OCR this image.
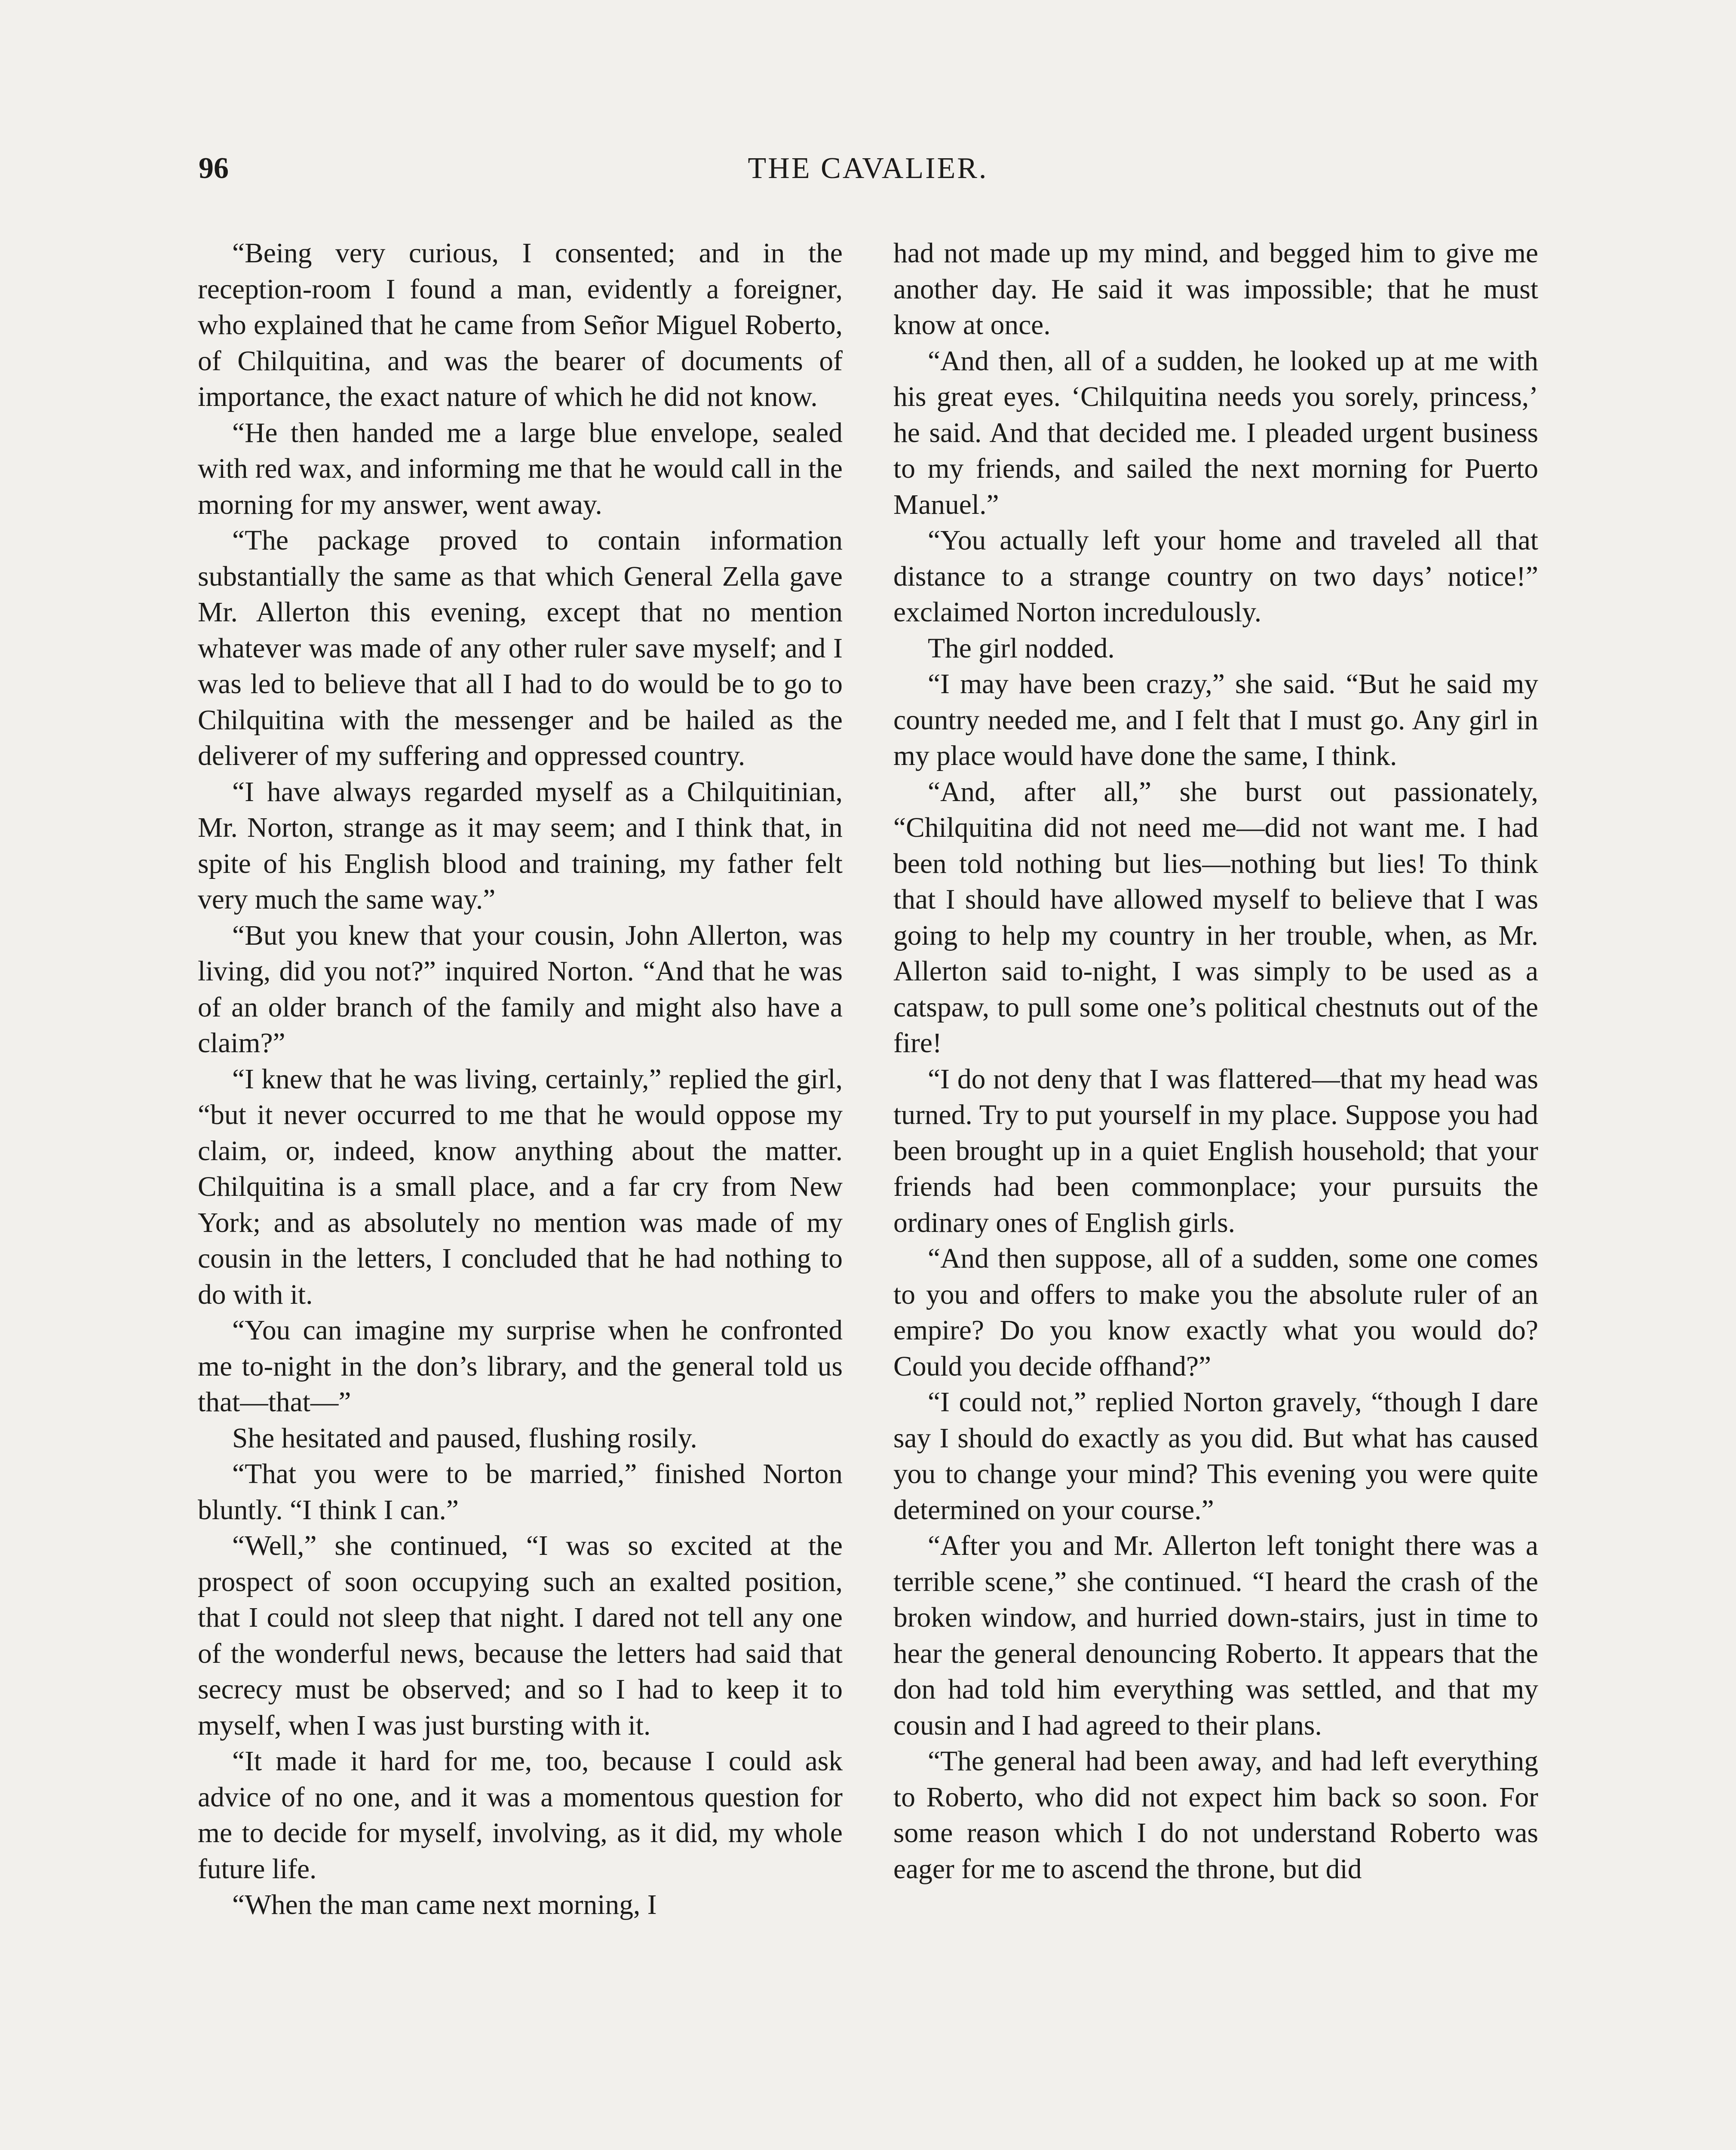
96	THE CAVALIER.

“Being very curious, I consented; and in the reception-room I found a man, evidently a foreigner, who explained that he came from Señor Miguel Roberto, of Chilquitina, and was the bearer of documents of importance, the exact nature of which he did not know.

“He then handed me a large blue envelope, sealed with red wax, and informing me that he would call in the morning for my answer, went away.

“The package proved to contain information substantially the same as that which General Zella gave Mr. Allerton this evening, except that no mention whatever was made of any other ruler save myself; and I was led to believe that all I had to do would be to go to Chilquitina with the messenger and be hailed as the deliverer of my suffering and oppressed country.

“I have always regarded myself as a Chilquitinian, Mr. Norton, strange as it may seem; and I think that, in spite of his English blood and training, my father felt very much the same way.”

“But you knew that your cousin, John Allerton, was living, did you not?” inquired Norton. “And that he was of an older branch of the family and might also have a claim?”

“I knew that he was living, certainly,” replied the girl, “but it never occurred to me that he would oppose my claim, or, indeed, know anything about the matter. Chilquitina is a small place, and a far cry from New York; and as absolutely no mention was made of my cousin in the letters, I concluded that he had nothing to do with it.

“You can imagine my surprise when he confronted me to-night in the don’s library, and the general told us that—that—”

She hesitated and paused, flushing rosily.

“That you were to be married,” finished Norton bluntly. “I think I can.”

“Well,” she continued, “I was so excited at the prospect of soon occupying such an exalted position, that I could not sleep that night. I dared not tell any one of the wonderful news, because the letters had said that secrecy must be observed; and so I had to keep it to myself, when I was just bursting with it.

“It made it hard for me, too, because I could ask advice of no one, and it was a momentous question for me to decide for myself, involving, as it did, my whole future life.

“When the man came next morning, I

had not made up my mind, and begged him to give me another day. He said it was impossible; that he must know at once.

“And then, all of a sudden, he looked up at me with his great eyes. ‘Chilquitina needs you sorely, princess,’ he said. And that decided me. I pleaded urgent business to my friends, and sailed the next morning for Puerto Manuel.”

“You actually left your home and traveled all that distance to a strange country on two days’ notice!” exclaimed Norton incredulously.

The girl nodded.

“I may have been crazy,” she said. “But he said my country needed me, and I felt that I must go. Any girl in my place would have done the same, I think.

“And, after all,” she burst out passionately, “Chilquitina did not need me—did not want me. I had been told nothing but lies—nothing but lies! To think that I should have allowed myself to believe that I was going to help my country in her trouble, when, as Mr. Allerton said to-night, I was simply to be used as a catspaw, to pull some one’s political chestnuts out of the fire!

“I do not deny that I was flattered—that my head was turned. Try to put yourself in my place. Suppose you had been brought up in a quiet English household; that your friends had been commonplace; your pursuits the ordinary ones of English girls.

“And then suppose, all of a sudden, some one comes to you and offers to make you the absolute ruler of an empire? Do you know exactly what you would do? Could you decide offhand?”

“I could not,” replied Norton gravely, “though I dare say I should do exactly as you did. But what has caused you to change your mind? This evening you were quite determined on your course.”

“After you and Mr. Allerton left tonight there was a terrible scene,” she continued. “I heard the crash of the broken window, and hurried down-stairs, just in time to hear the general denouncing Roberto. It appears that the don had told him everything was settled, and that my cousin and I had agreed to their plans.

“The general had been away, and had left everything to Roberto, who did not expect him back so soon. For some reason which I do not understand Roberto was eager for me to ascend the throne, but did
